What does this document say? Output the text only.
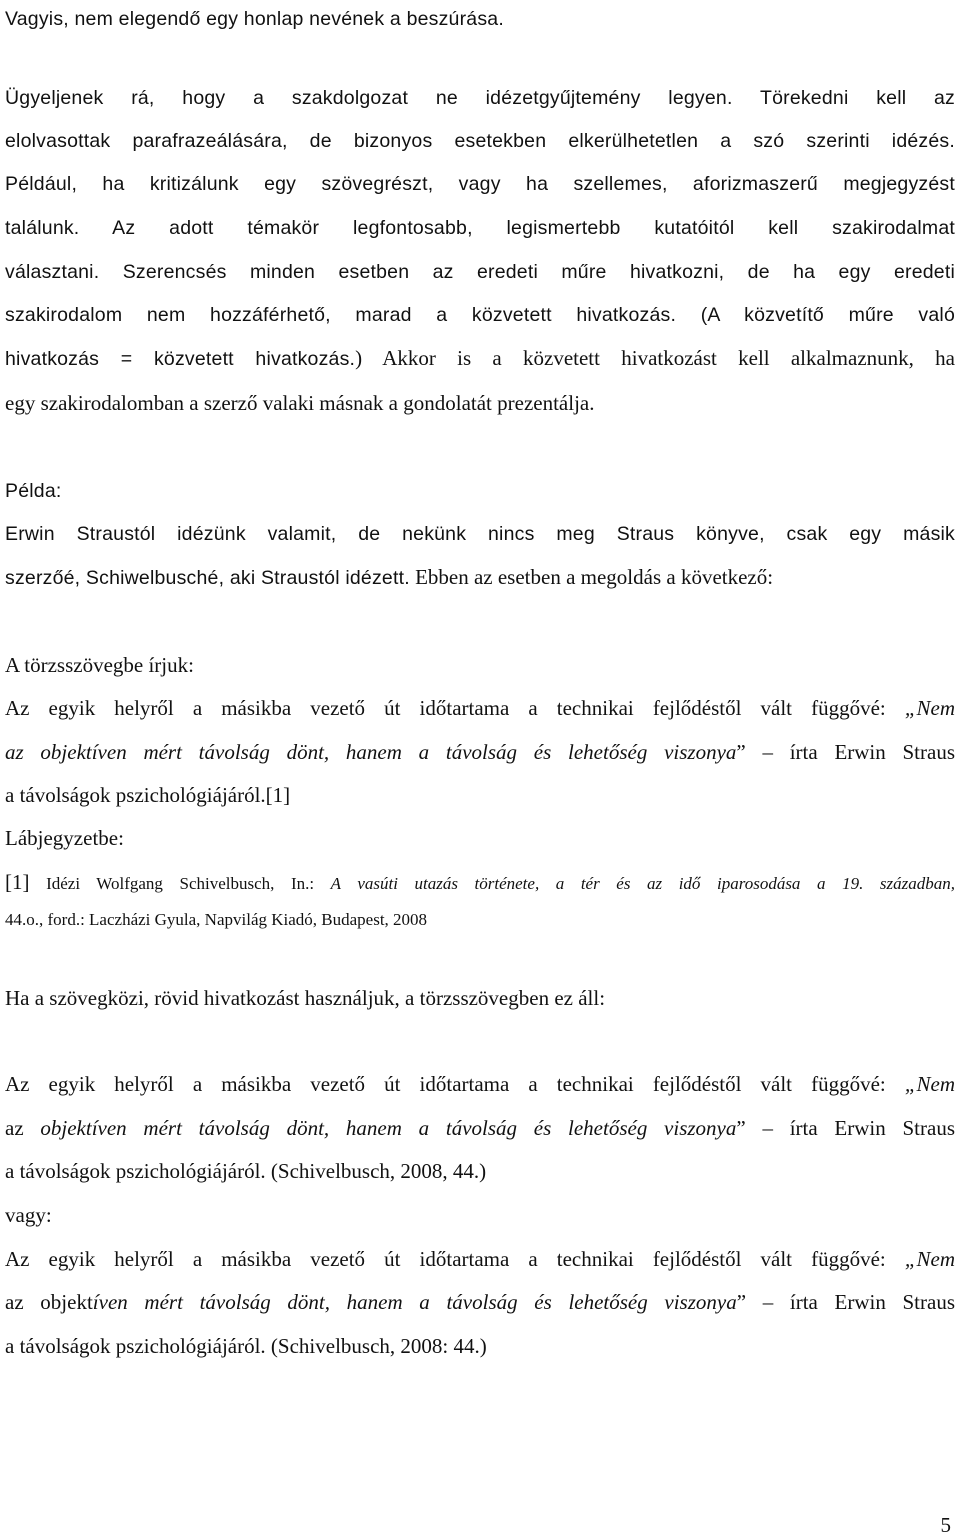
Vagyis, nem elegendő egy honlap nevének a beszúrása.
Ügyeljenek rá, hogy a szakdolgozat ne idézetgyűjtemény legyen. Törekedni kell az
elolvasottak parafrazeálására, de bizonyos esetekben elkerülhetetlen a szó szerinti idézés.
Például, ha kritizálunk egy szövegrészt, vagy ha szellemes, aforizmaszerű megjegyzést
találunk. Az adott témakör legfontosabb, legismertebb kutatóitól kell szakirodalmat
választani. Szerencsés minden esetben az eredeti műre hivatkozni, de ha egy eredeti
szakirodalom nem hozzáférhető, marad a közvetett hivatkozás. (A közvetítő műre való
hivatkozás = közvetett hivatkozás.) Akkor is a közvetett hivatkozást kell alkalmaznunk, ha
egy szakirodalomban a szerző valaki másnak a gondolatát prezentálja.
Példa:
Erwin Straustól idézünk valamit, de nekünk nincs meg Straus könyve, csak egy másik
szerzőé, Schiwelbusché, aki Straustól idézett. Ebben az esetben a megoldás a következő:
A törzsszövegbe írjuk:
Az egyik helyről a másikba vezető út időtartama a technikai fejlődéstől vált függővé: „Nem
az objektíven mért távolság dönt, hanem a távolság és lehetőség viszonya” – írta Erwin Straus
a távolságok pszichológiájáról.[1]
Lábjegyzetbe:
[1] Idézi Wolfgang Schivelbusch, In.: A vasúti utazás története, a tér és az idő iparosodása a 19. században,
44.o., ford.: Laczházi Gyula, Napvilág Kiadó, Budapest, 2008
Ha a szövegközi, rövid hivatkozást használjuk, a törzsszövegben ez áll:
Az egyik helyről a másikba vezető út időtartama a technikai fejlődéstől vált függővé: „Nem
az objektíven mért távolság dönt, hanem a távolság és lehetőség viszonya” – írta Erwin Straus
a távolságok pszichológiájáról. (Schivelbusch, 2008, 44.)
vagy:
Az egyik helyről a másikba vezető út időtartama a technikai fejlődéstől vált függővé: „Nem
az objektíven mért távolság dönt, hanem a távolság és lehetőség viszonya” – írta Erwin Straus
a távolságok pszichológiájáról. (Schivelbusch, 2008: 44.)
5
